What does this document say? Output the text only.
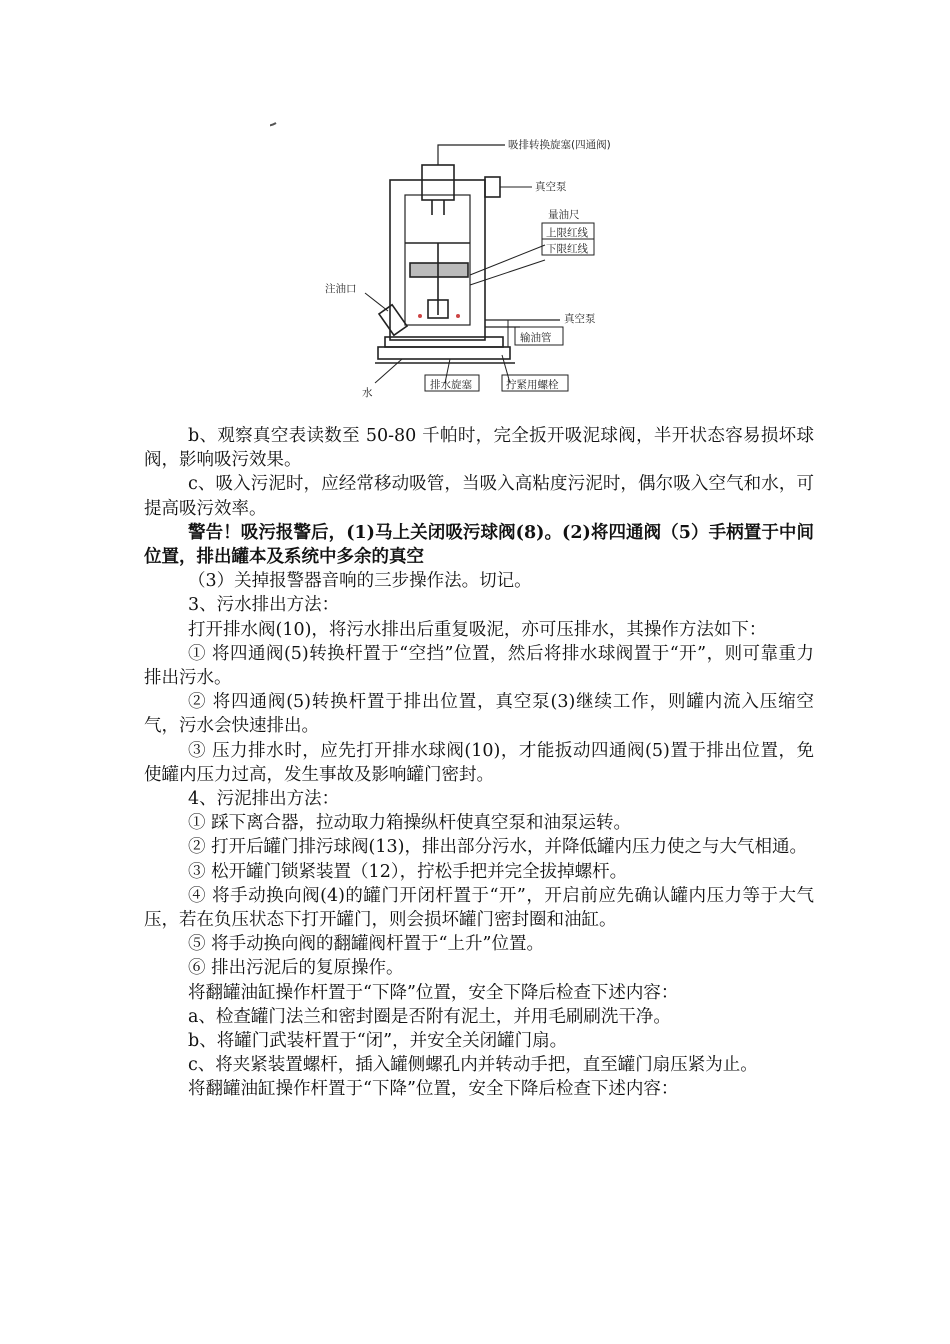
吸排转换旋塞(四通阀)
真空泵
量油尺
上限红线
下限红线
注油口
真空泵
输油管
水
排水旋塞	拧紧用螺栓

b、观察真空表读数至 50-80 千帕时，完全扳开吸泥球阀，半开状态容易损坏球阀，影响吸污效果。

c、吸入污泥时，应经常移动吸管，当吸入高粘度污泥时，偶尔吸入空气和水，可提高吸污效率。

警告！吸污报警后，(1)马上关闭吸污球阀(8)。(2)将四通阀（5）手柄置于中间位置，排出罐本及系统中多余的真空

（3）关掉报警器音响的三步操作法。切记。

3、污水排出方法：

打开排水阀(10)，将污水排出后重复吸泥，亦可压排水，其操作方法如下：

① 将四通阀(5)转换杆置于“空挡”位置，然后将排水球阀置于“开”，则可靠重力排出污水。

② 将四通阀(5)转换杆置于排出位置，真空泵(3)继续工作，则罐内流入压缩空气，污水会快速排出。

③ 压力排水时，应先打开排水球阀(10)，才能扳动四通阀(5)置于排出位置，免使罐内压力过高，发生事故及影响罐门密封。

4、污泥排出方法：

① 踩下离合器，拉动取力箱操纵杆使真空泵和油泵运转。

② 打开后罐门排污球阀(13)，排出部分污水，并降低罐内压力使之与大气相通。

③ 松开罐门锁紧装置（12），拧松手把并完全拔掉螺杆。

④ 将手动换向阀(4)的罐门开闭杆置于“开”，开启前应先确认罐内压力等于大气压，若在负压状态下打开罐门，则会损坏罐门密封圈和油缸。

⑤ 将手动换向阀的翻罐阀杆置于“上升”位置。

⑥ 排出污泥后的复原操作。

将翻罐油缸操作杆置于“下降”位置，安全下降后检查下述内容：

a、检查罐门法兰和密封圈是否附有泥土，并用毛刷刷洗干净。

b、将罐门武装杆置于“闭”，并安全关闭罐门扇。

c、将夹紧装置螺杆，插入罐侧螺孔内并转动手把，直至罐门扇压紧为止。

将翻罐油缸操作杆置于“下降”位置，安全下降后检查下述内容：
